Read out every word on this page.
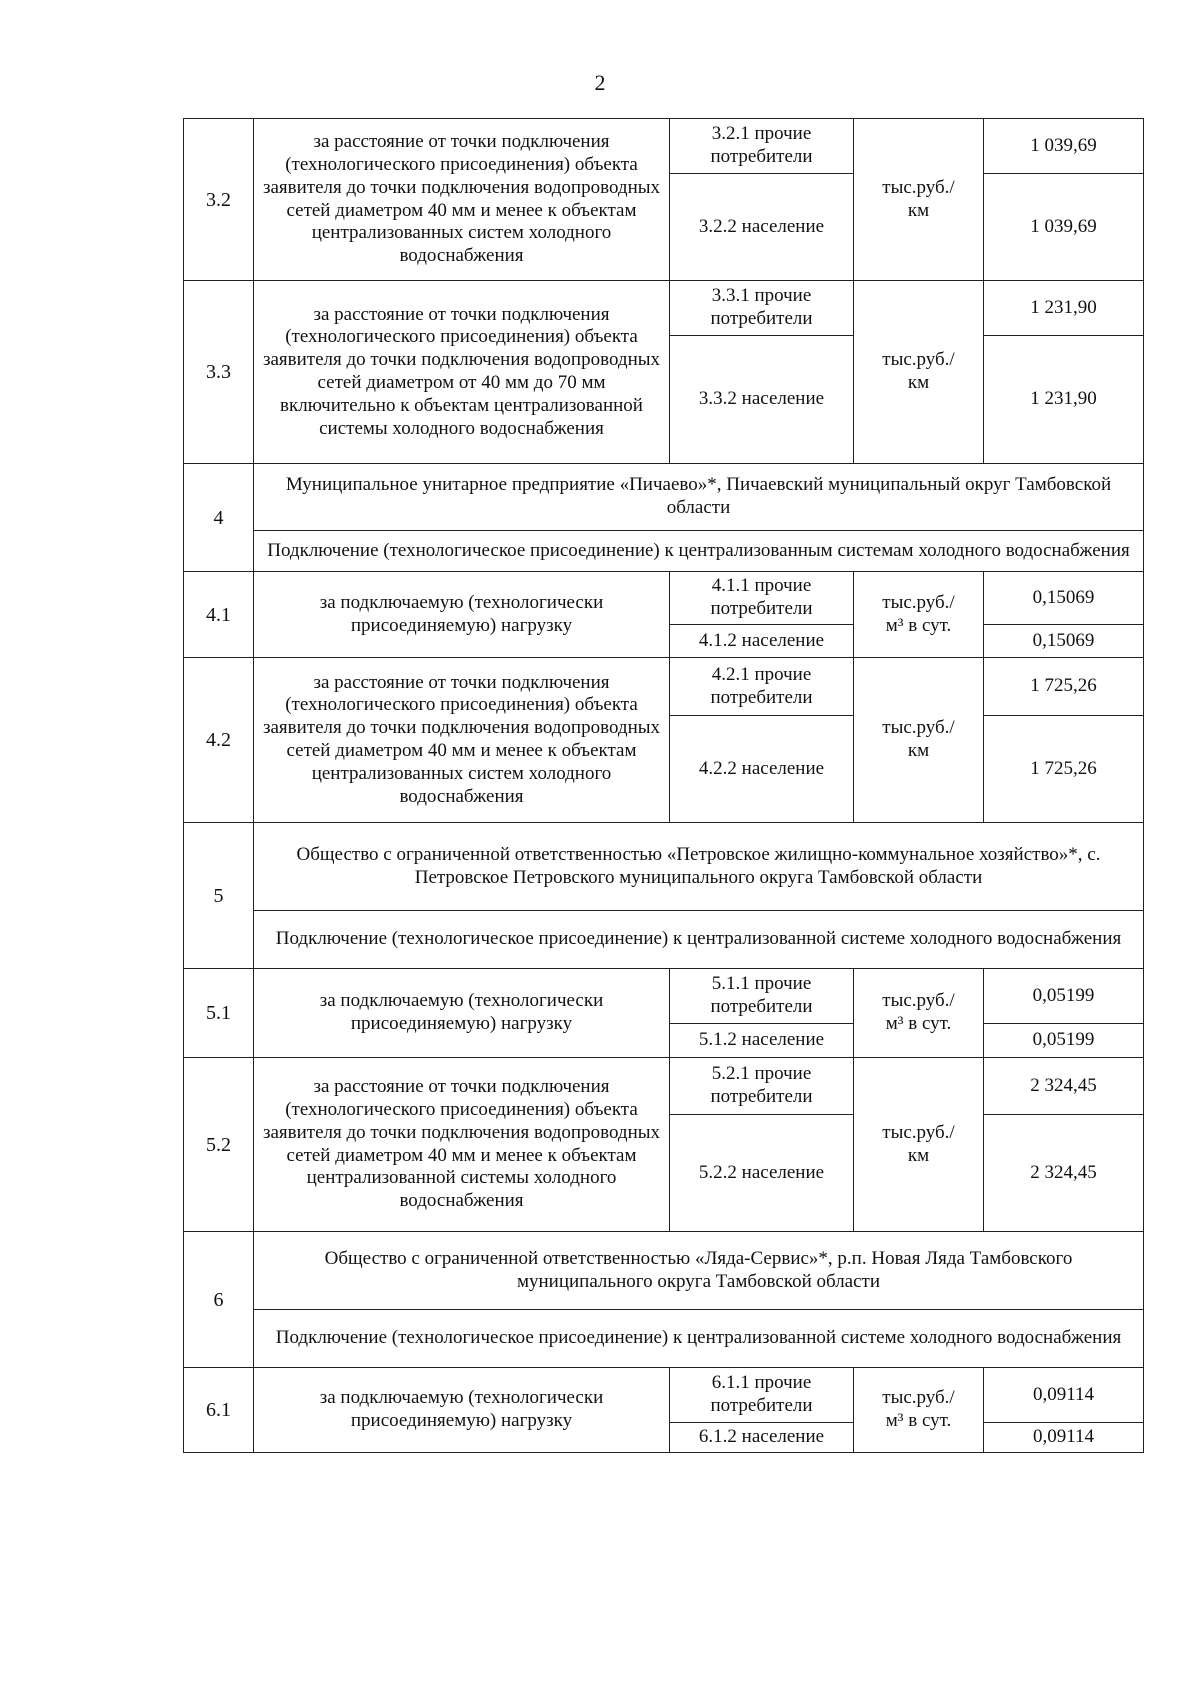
2
3.2	за расстояние от точки подключения (технологического присоединения) объекта заявителя до точки подключения водопроводных сетей диаметром 40 мм и менее к объектам централизованных систем холодного водоснабжения	3.2.1 прочие потребители	тыс.руб./
км	1 039,69
		3.2.2 население		1 039,69
3.3	за расстояние от точки подключения (технологического присоединения) объекта заявителя до точки подключения водопроводных сетей диаметром от 40 мм до 70 мм включительно к объектам централизованной системы холодного водоснабжения	3.3.1 прочие потребители	тыс.руб./
км	1 231,90
		3.3.2 население		1 231,90
4	Муниципальное унитарное предприятие «Пичаево»*, Пичаевский муниципальный округ Тамбовской области			
	Подключение (технологическое присоединение) к централизованным системам холодного водоснабжения			
4.1	за подключаемую (технологически присоединяемую) нагрузку	4.1.1 прочие потребители	тыс.руб./
м³ в сут.	0,15069
		4.1.2 население		0,15069
4.2	за расстояние от точки подключения (технологического присоединения) объекта заявителя до точки подключения водопроводных сетей диаметром 40 мм и менее к объектам централизованных систем холодного водоснабжения	4.2.1 прочие потребители	тыс.руб./
км	1 725,26
		4.2.2 население		1 725,26
5	Общество с ограниченной ответственностью «Петровское жилищно-коммунальное хозяйство»*, с. Петровское Петровского муниципального округа Тамбовской области			
	Подключение (технологическое присоединение) к централизованной системе холодного водоснабжения			
5.1	за подключаемую (технологически присоединяемую) нагрузку	5.1.1 прочие потребители	тыс.руб./
м³ в сут.	0,05199
		5.1.2 население		0,05199
5.2	за расстояние от точки подключения (технологического присоединения) объекта заявителя до точки подключения водопроводных сетей диаметром 40 мм и менее к объектам централизованной системы холодного водоснабжения	5.2.1 прочие потребители	тыс.руб./
км	2 324,45
		5.2.2 население		2 324,45
6	Общество с ограниченной ответственностью «Ляда-Сервис»*, р.п. Новая Ляда Тамбовского муниципального округа Тамбовской области			
	Подключение (технологическое присоединение) к централизованной системе холодного водоснабжения			
6.1	за подключаемую (технологически присоединяемую) нагрузку	6.1.1 прочие потребители	тыс.руб./
м³ в сут.	0,09114
		6.1.2 население		0,09114
